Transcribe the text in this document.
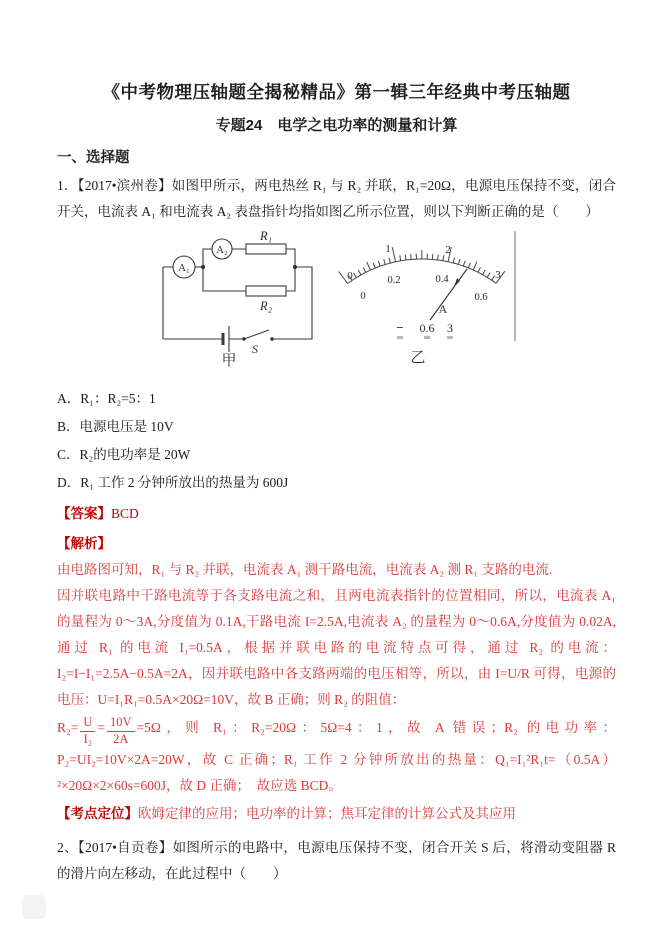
《中考物理压轴题全揭秘精品》第一辑三年经典中考压轴题

专题24　电学之电功率的测量和计算

一、选择题

1．【2017•滨州卷】如图甲所示，两电热丝 R₁ 与 R₂ 并联，R₁=20Ω，电源电压保持不变，闭合开关，电流表 A₁ 和电流表 A₂ 表盘指针均指如图乙所示位置，则以下判断正确的是（　　）

A₁
A₂
R₁
R₂
S
甲
0
1	2
3
0
0.2	0.4
0.6
A
− 0.6 3
乙

A．R₁：R₂=5：1

B．电源电压是 10V

C．R₂的电功率是 20W

D．R₁ 工作 2 分钟所放出的热量为 600J

【答案】BCD

【解析】

由电路图可知，R₁ 与 R₂ 并联，电流表 A₁ 测干路电流，电流表 A₂ 测 R₁ 支路的电流.

因并联电路中干路电流等于各支路电流之和，且两电流表指针的位置相同，所以，电流表 A₁ 的量程为 0～3A,分度值为 0.1A,干路电流 I=2.5A,电流表 A₂ 的量程为 0～0.6A,分度值为 0.02A,通过 R₁ 的电流 I₁=0.5A，根据并联电路的电流特点可得，通过 R₂ 的电流：I₂=I−I₁=2.5A−0.5A=2A，因并联电路中各支路两端的电压相等，所以，由 I=U/R 可得，电源的电压：U=I₁R₁=0.5A×20Ω=10V，故 B 正确；则 R₂ 的阻值：

$R_2= \frac{U}{\text{I₂}} = \frac{10V}{2A} =5\Omega$，则 R₁：R₂=20Ω：5Ω=4：1，故 A 错误；R₂ 的电功率：P₂=UI₂=10V×2A=20W，故 C 正确；R₁ 工作 2 分钟所放出的热量：Q₁=I₁²R₁t=（0.5A）²×20Ω×2×60s=600J，故 D 正确；　故应选 BCD。

【考点定位】欧姆定律的应用；电功率的计算；焦耳定律的计算公式及其应用

2、【2017•自贡卷】如图所示的电路中，电源电压保持不变，闭合开关 S 后，将滑动变阻器 R 的滑片向左移动，在此过程中（　　）
